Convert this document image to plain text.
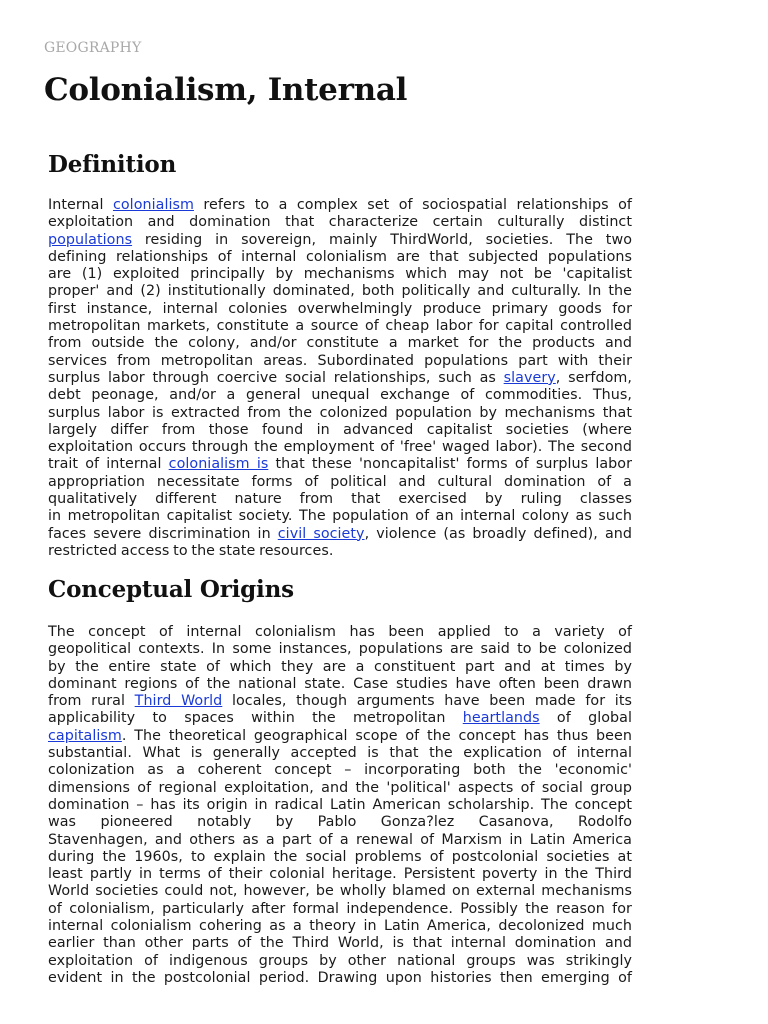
GEOGRAPHY
Colonialism, Internal
Definition
Internal colonialism refers to a complex set of sociospatial relationships of
exploitation and domination that characterize certain culturally distinct
populations residing in sovereign, mainly ThirdWorld, societies. The two
defining relationships of internal colonialism are that subjected populations
are (1) exploited principally by mechanisms which may not be 'capitalist
proper' and (2) institutionally dominated, both politically and culturally. In the
first instance, internal colonies overwhelmingly produce primary goods for
metropolitan markets, constitute a source of cheap labor for capital controlled
from outside the colony, and/or constitute a market for the products and
services from metropolitan areas. Subordinated populations part with their
surplus labor through coercive social relationships, such as slavery, serfdom,
debt peonage, and/or a general unequal exchange of commodities. Thus,
surplus labor is extracted from the colonized population by mechanisms that
largely differ from those found in advanced capitalist societies (where
exploitation occurs through the employment of 'free' waged labor). The second
trait of internal colonialism is that these 'noncapitalist' forms of surplus labor
appropriation necessitate forms of political and cultural domination of a
qualitatively different nature from that exercised by ruling classes
in metropolitan capitalist society. The population of an internal colony as such
faces severe discrimination in civil society, violence (as broadly defined), and
restricted access to the state resources.
Conceptual Origins
The concept of internal colonialism has been applied to a variety of
geopolitical contexts. In some instances, populations are said to be colonized
by the entire state of which they are a constituent part and at times by
dominant regions of the national state. Case studies have often been drawn
from rural Third World locales, though arguments have been made for its
applicability to spaces within the metropolitan heartlands of global
capitalism. The theoretical geographical scope of the concept has thus been
substantial. What is generally accepted is that the explication of internal
colonization as a coherent concept – incorporating both the 'economic'
dimensions of regional exploitation, and the 'political' aspects of social group
domination – has its origin in radical Latin American scholarship. The concept
was pioneered notably by Pablo Gonza?lez Casanova, Rodolfo
Stavenhagen, and others as a part of a renewal of Marxism in Latin America
during the 1960s, to explain the social problems of postcolonial societies at
least partly in terms of their colonial heritage. Persistent poverty in the Third
World societies could not, however, be wholly blamed on external mechanisms
of colonialism, particularly after formal independence. Possibly the reason for
internal colonialism cohering as a theory in Latin America, decolonized much
earlier than other parts of the Third World, is that internal domination and
exploitation of indigenous groups by other national groups was strikingly
evident in the postcolonial period. Drawing upon histories then emerging of
